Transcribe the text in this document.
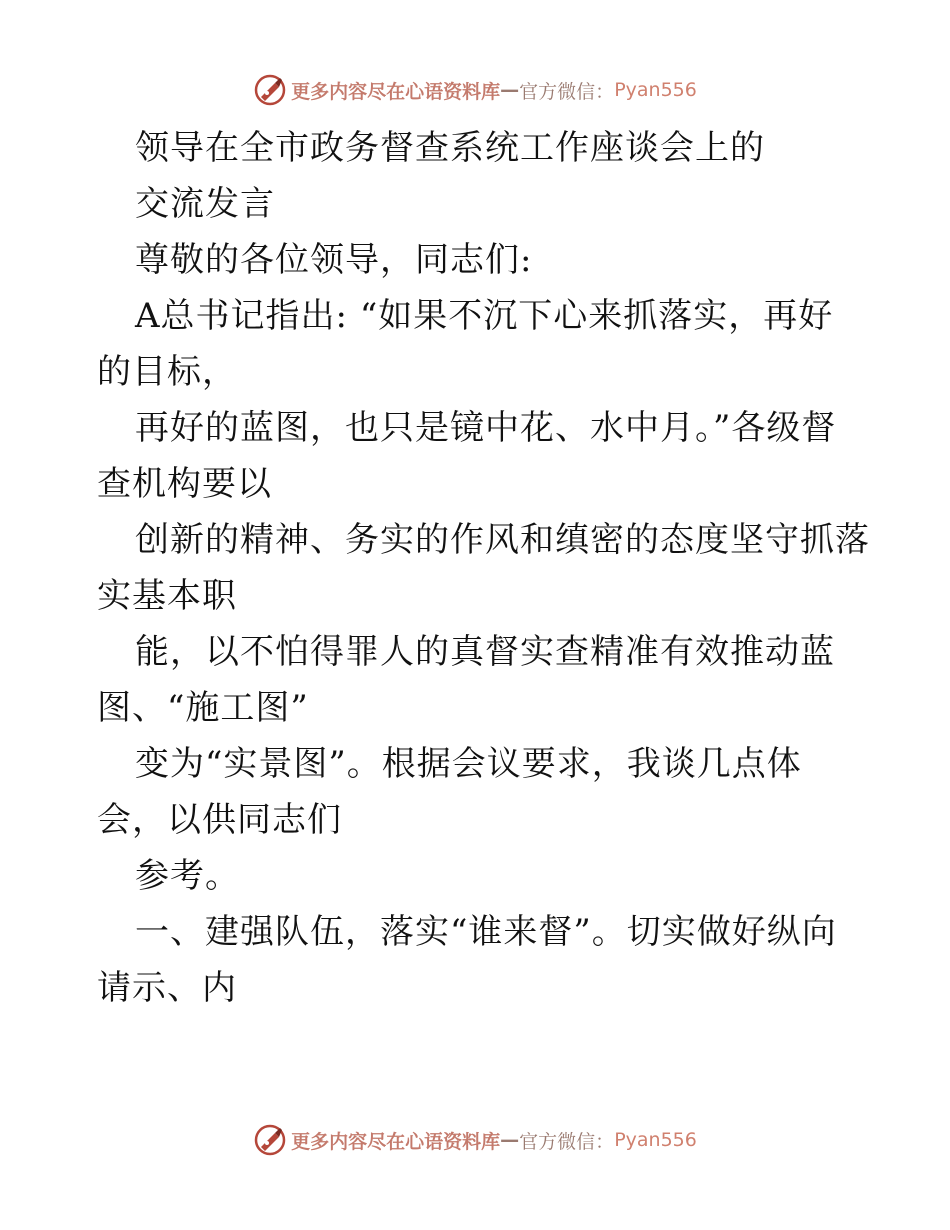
更多内容尽在心语资料库 — 官方微信： Pyan556
领导在全市政务督查系统工作座谈会上的
交流发言
尊敬的各位领导，同志们:
A总书记指出: “如果不沉下心来抓落实，再好
的目标，
再好的蓝图，也只是镜中花、水中月。”各级督
查机构要以
创新的精神、务实的作风和缜密的态度坚守抓落
实基本职
能，以不怕得罪人的真督实查精准有效推动蓝
图、“施工图”
变为“实景图”。根据会议要求，我谈几点体
会，以供同志们
参考。
一、建强队伍，落实“谁来督”。切实做好纵向
请示、内
更多内容尽在心语资料库 — 官方微信： Pyan556
